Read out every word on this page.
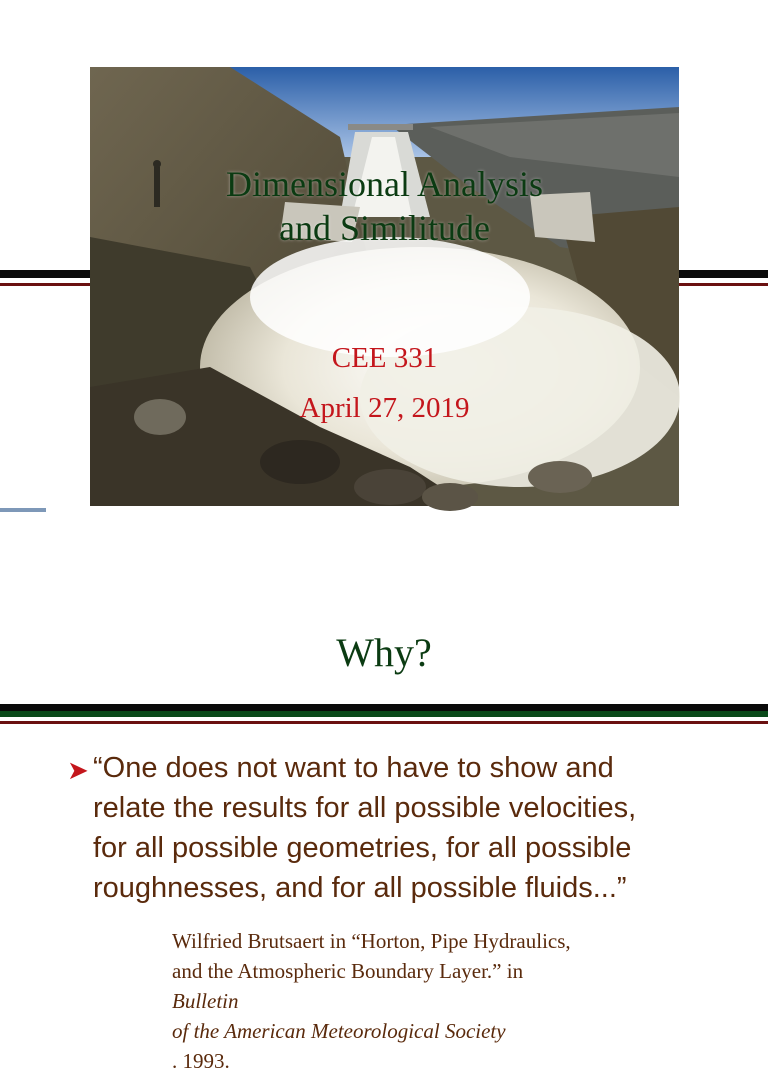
Dimensional Analysis
and Similitude
CEE 331
April 27, 2019
Why?
➤ “One does not want to have to show and
relate the results for all possible velocities,
for all possible geometries, for all possible
roughnesses, and for all possible fluids...”
Wilfried Brutsaert in “Horton, Pipe Hydraulics,
and the Atmospheric Boundary Layer.” in
Bulletin
of the American Meteorological Society
. 1993.
